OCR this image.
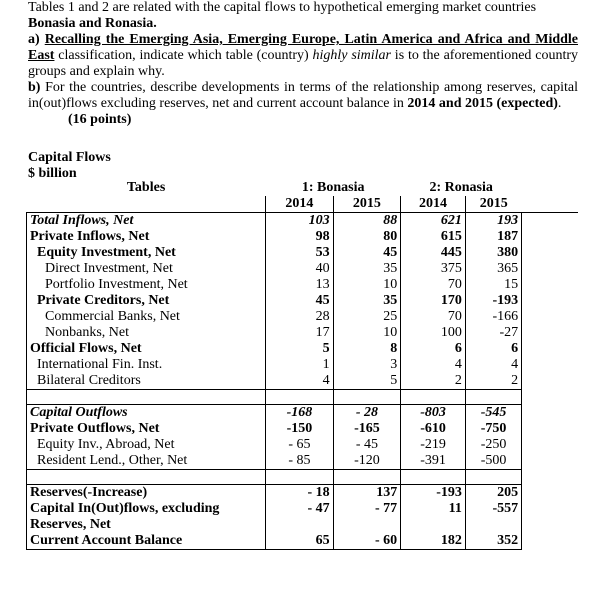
Tables 1 and 2 are related with the capital flows to hypothetical emerging market countries
Bonasia and Ronasia.

a) Recalling the Emerging Asia, Emerging Europe, Latin America and Africa and Middle East classification, indicate which table (country) highly similar is to the aforementioned country groups and explain why.

b) For the countries, describe developments in terms of the relationship among reserves, capital in(out)flows excluding reserves, net and current account balance in 2014 and 2015 (expected).
(16 points)

Capital Flows
$ billion
Tables	1: Bonasia		2: Ronasia		
	2014	2015	2014	2015	
Total Inflows, Net	103	88	621	193	
Private Inflows, Net	98	80	615	187	
Equity Investment, Net	53	45	445	380	
Direct Investment, Net	40	35	375	365	
Portfolio Investment, Net	13	10	70	15	
Private Creditors, Net	45	35	170	-193	
Commercial Banks, Net	28	25	70	-166	
Nonbanks, Net	17	10	100	-27	
Official Flows, Net	5	8	6	6	
International Fin. Inst.	1	3	4	4	
Bilateral Creditors	4	5	2	2	

Capital Outflows	-168	- 28	-803	-545	
Private Outflows, Net	-150	-165	-610	-750	
Equity Inv., Abroad, Net	- 65	- 45	-219	-250	
Resident Lend., Other, Net	- 85	-120	-391	-500	

Reserves(-Increase)	- 18	137	-193	205	
Capital In(Out)flows, excluding Reserves, Net	- 47	- 77	11	-557	
Current Account Balance	65	- 60	182	352	
